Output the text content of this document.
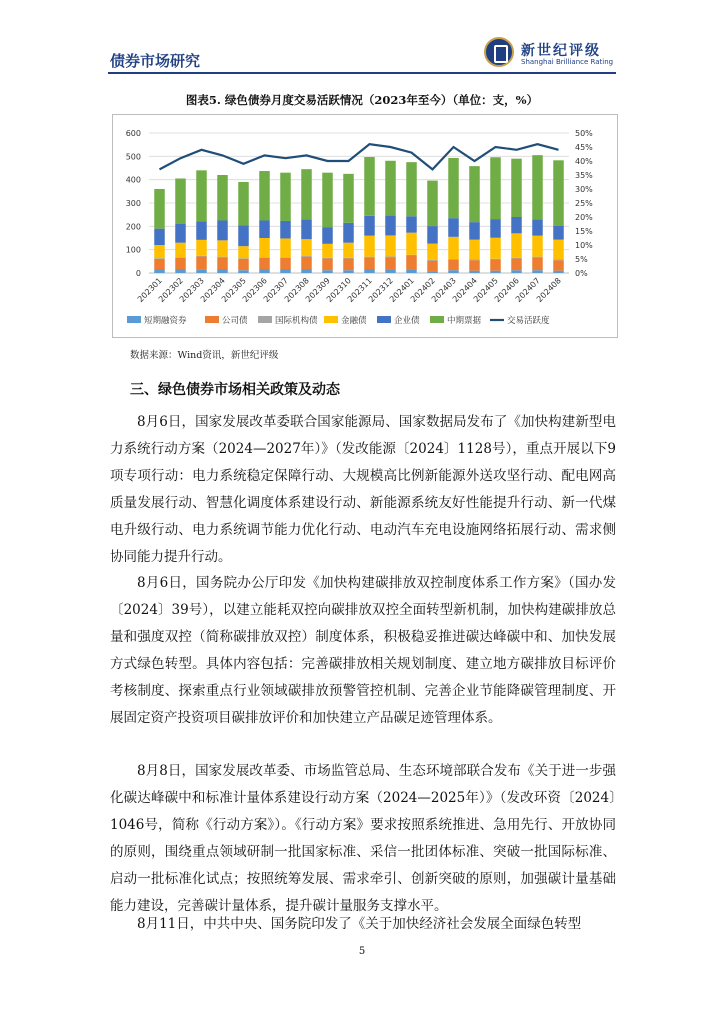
债券市场研究
新世纪评级
Shanghai Brilliance Rating
图表5. 绿色债券月度交易活跃情况（2023年至今）（单位：支，%）
0
100
200
300
400
500
600
0%
5%
10%
15%
20%
25%
30%
35%
40%
45%
50%
202301
202302
202303
202304
202305
202306
202307
202308
202309
202310
202311
202312
202401
202402
202403
202404
202405
202406
202407
202408
短期融资券	公司债	国际机构债	金融债	企业债	中期票据	交易活跃度
数据来源：Wind资讯，新世纪评级
三、绿色债券市场相关政策及动态

8月6日，国家发展改革委联合国家能源局、国家数据局发布了《加快构建新型电力系统行动方案（2024—2027年）》（发改能源〔2024〕1128号），重点开展以下9项专项行动：电力系统稳定保障行动、大规模高比例新能源外送攻坚行动、配电网高质量发展行动、智慧化调度体系建设行动、新能源系统友好性能提升行动、新一代煤电升级行动、电力系统调节能力优化行动、电动汽车充电设施网络拓展行动、需求侧协同能力提升行动。

8月6日，国务院办公厅印发《加快构建碳排放双控制度体系工作方案》（国办发〔2024〕39号），以建立能耗双控向碳排放双控全面转型新机制，加快构建碳排放总量和强度双控（简称碳排放双控）制度体系，积极稳妥推进碳达峰碳中和、加快发展方式绿色转型。具体内容包括：完善碳排放相关规划制度、建立地方碳排放目标评价考核制度、探索重点行业领域碳排放预警管控机制、完善企业节能降碳管理制度、开展固定资产投资项目碳排放评价和加快建立产品碳足迹管理体系。

8月8日，国家发展改革委、市场监管总局、生态环境部联合发布《关于进一步强化碳达峰碳中和标准计量体系建设行动方案（2024—2025年）》（发改环资〔2024〕1046号，简称《行动方案》）。《行动方案》要求按照系统推进、急用先行、开放协同的原则，围绕重点领域研制一批国家标准、采信一批团体标准、突破一批国际标准、启动一批标准化试点；按照统筹发展、需求牵引、创新突破的原则，加强碳计量基础能力建设，完善碳计量体系，提升碳计量服务支撑水平。

8月11日，中共中央、国务院印发了《关于加快经济社会发展全面绿色转型

5
